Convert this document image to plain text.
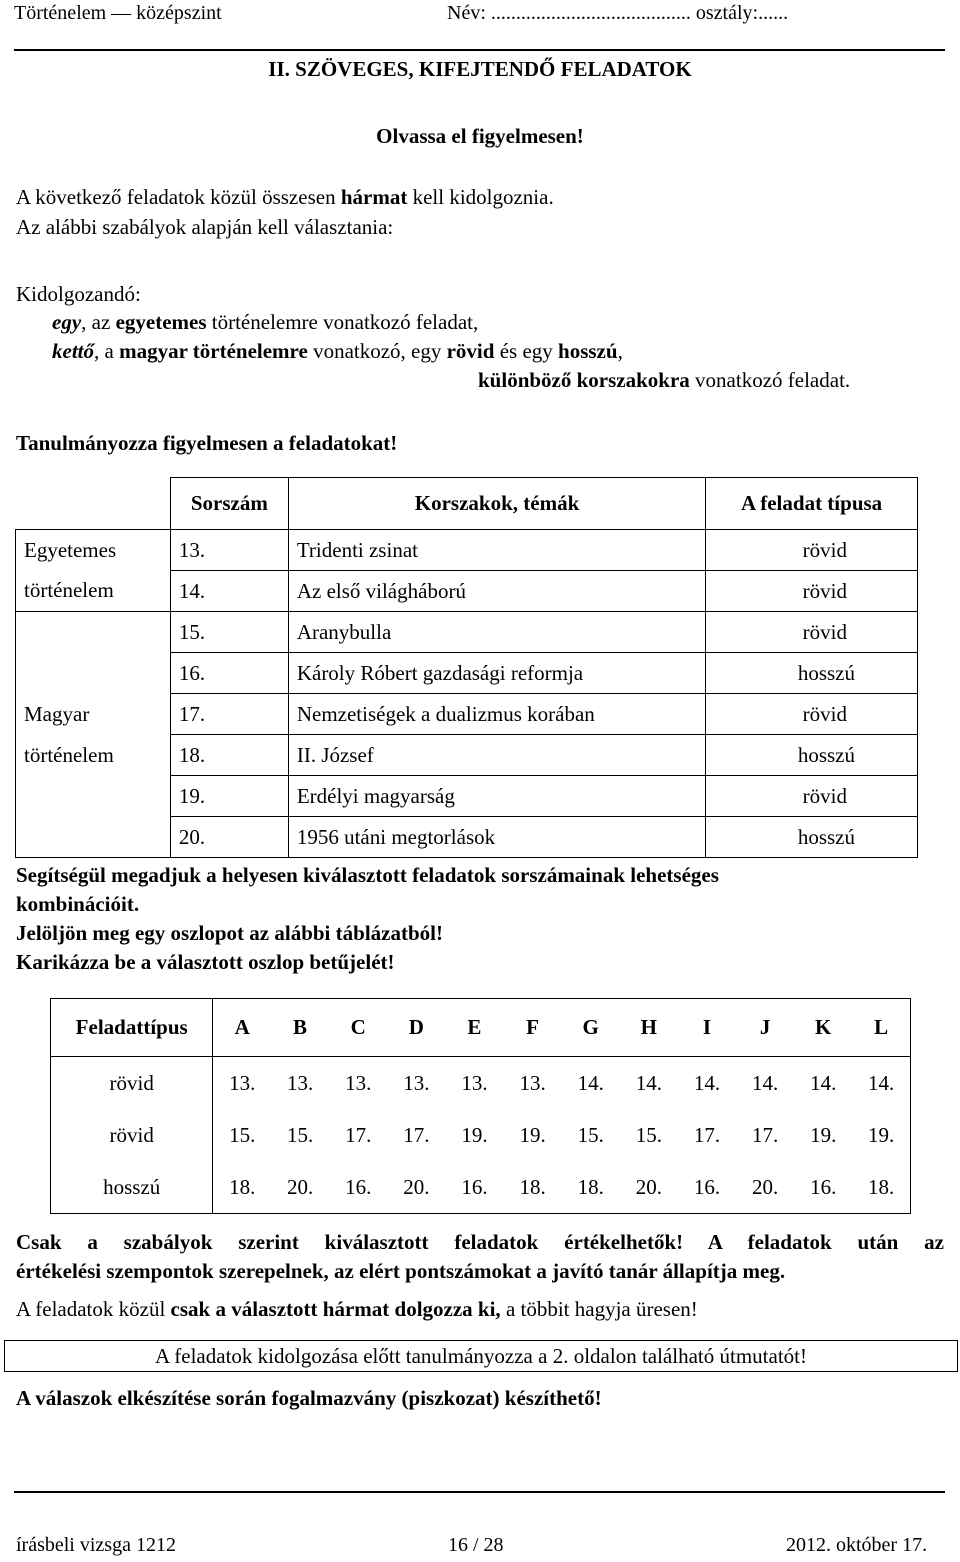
Történelem — középszint	Név: ........................................ osztály:......
II. SZÖVEGES, KIFEJTENDŐ FELADATOK
Olvassa el figyelmesen!
A következő feladatok közül összesen hármat kell kidolgoznia.
Az alábbi szabályok alapján kell választania:
Kidolgozandó:
egy, az egyetemes történelemre vonatkozó feladat,
kettő, a magyar történelemre vonatkozó, egy rövid és egy hosszú,
különböző korszakokra vonatkozó feladat.
Tanulmányozza figyelmesen a feladatokat!
	Sorszám	Korszakok, témák	A feladat típusa
Egyetemes	13.	Tridenti zsinat	rövid
történelem	14.	Az első világháború	rövid
	15.	Aranybulla	rövid
	16.	Károly Róbert gazdasági reformja	hosszú
Magyar	17.	Nemzetiségek a dualizmus korában	rövid
történelem	18.	II. József	hosszú
	19.	Erdélyi magyarság	rövid
	20.	1956 utáni megtorlások	hosszú
Segítségül megadjuk a helyesen kiválasztott feladatok sorszámainak lehetséges
kombinációit.
Jelöljön meg egy oszlopot az alábbi táblázatból!
Karikázza be a választott oszlop betűjelét!
Feladattípus	A	B	C	D	E	F	G	H	I	J	K	L
rövid	13.	13.	13.	13.	13.	13.	14.	14.	14.	14.	14.	14.
rövid	15.	15.	17.	17.	19.	19.	15.	15.	17.	17.	19.	19.
hosszú	18.	20.	16.	20.	16.	18.	18.	20.	16.	20.	16.	18.
Csak a szabályok szerint kiválasztott feladatok értékelhetők! A feladatok után az
értékelési szempontok szerepelnek, az elért pontszámokat a javító tanár állapítja meg.
A feladatok közül csak a választott hármat dolgozza ki, a többit hagyja üresen!
A feladatok kidolgozása előtt tanulmányozza a 2. oldalon található útmutatót!
A válaszok elkészítése során fogalmazvány (piszkozat) készíthető!
írásbeli vizsga 1212	16 / 28	2012. október 17.
